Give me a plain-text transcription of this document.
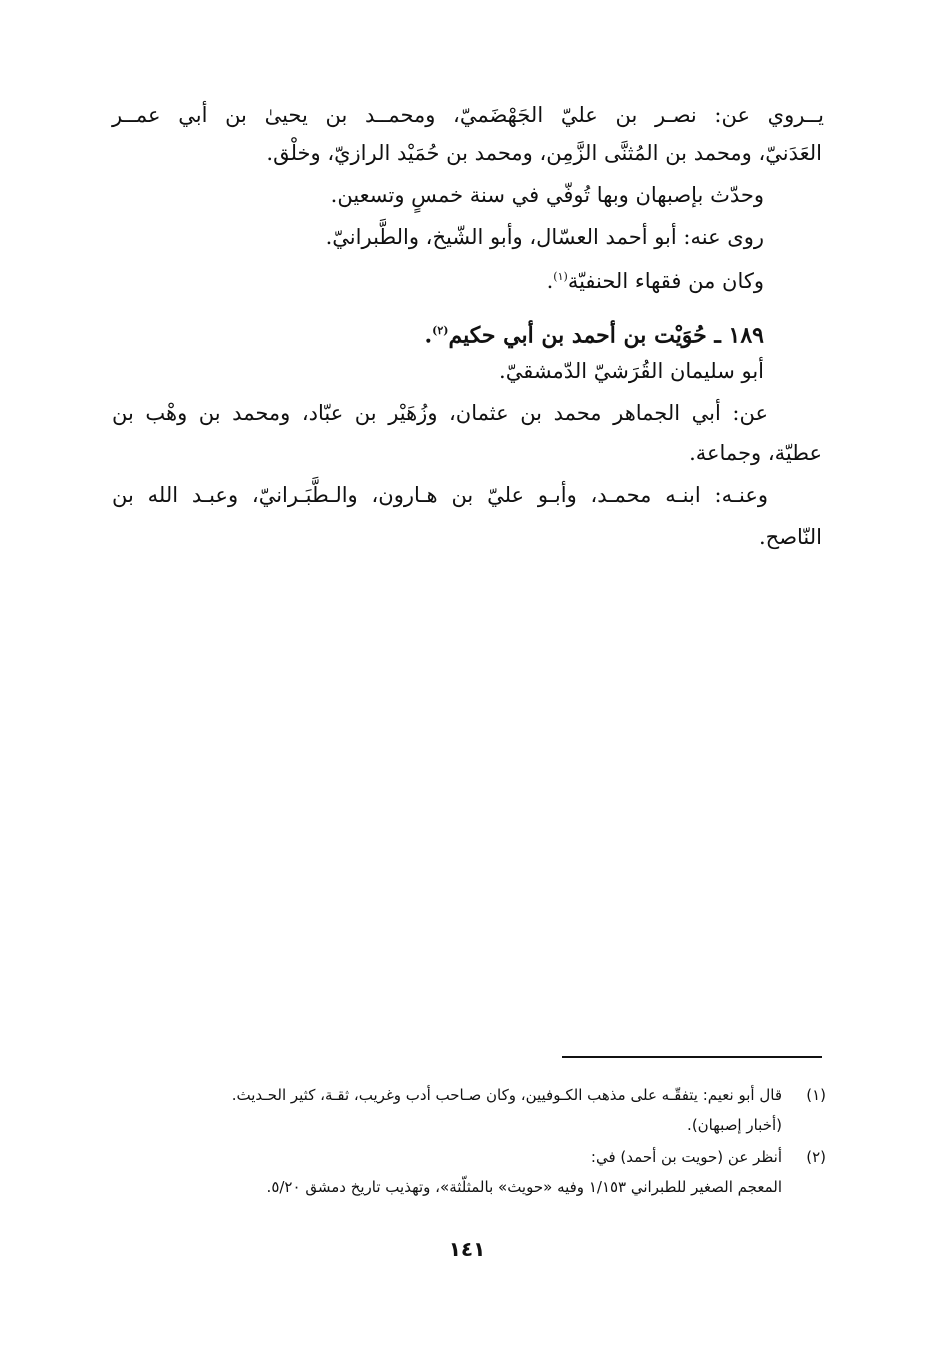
يــروي عن: نصـر بن عليّ الجَهْضَميّ، ومحمــد بن يحيىٰ بن أبي عمــر
العَدَنيّ، ومحمد بن المُثنَّى الزَّمِن، ومحمد بن حُمَيْد الرازيّ، وخلْق.
وحدّث بإصبهان وبها تُوفّي في سنة خمسٍ وتسعين.
روى عنه: أبو أحمد العسّال، وأبو الشّيخ، والطَّبرانيّ.
وكان من فقهاء الحنفيّة$^{(١)}$.
١٨٩ ـ حُوَيْت بن أحمد بن أبي حكيم$^{(٢)}$.
أبو سليمان القُرَشيّ الدّمشقيّ.
عن: أبي الجماهر محمد بن عثمان، وزُهَيْر بن عبّاد، ومحمد بن وهْب بن
عطيّة، وجماعة.
وعنـه: ابنـه محمـد، وأبـو عليّ بن هـارون، والـطَّبَـرانيّ، وعبـد الله بن
النّاصح.
(١)
قال أبو نعيم: يتفقّـه على مذهب الكـوفيين، وكان صـاحب أدب وغريب، ثقـة، كثير الحـديث.
(أخبار إصبهان).
(٢)
أنظر عن (حويت بن أحمد) في:
المعجم الصغير للطبراني ١/١٥٣ وفيه «حويث» بالمثلّثة»، وتهذيب تاريخ دمشق ٥/٢٠.
١٤١
